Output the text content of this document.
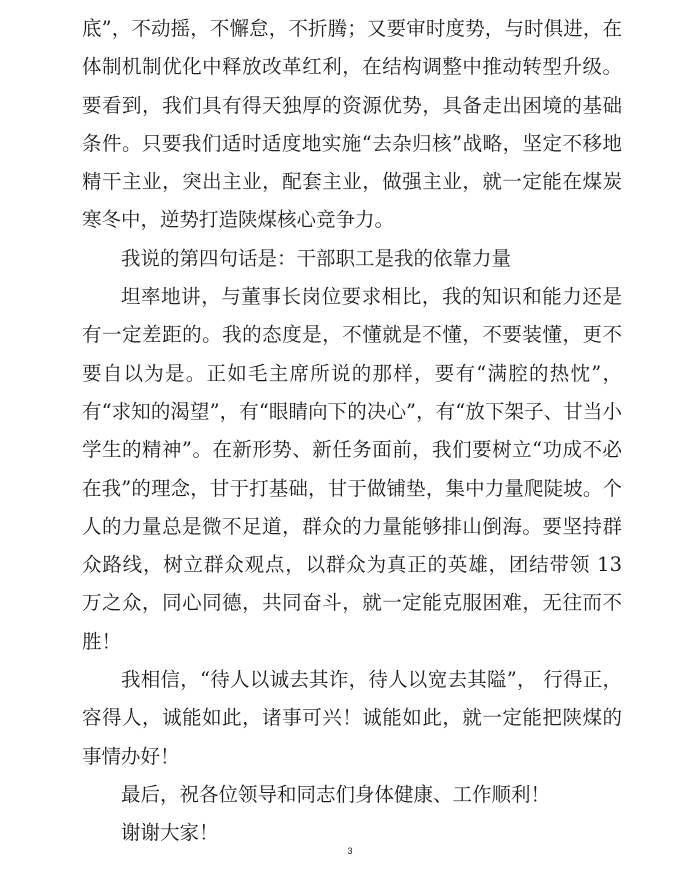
底”，不动摇，不懈怠，不折腾；又要审时度势，与时俱进，在体制机制优化中释放改革红利，在结构调整中推动转型升级。要看到，我们具有得天独厚的资源优势，具备走出困境的基础条件。只要我们适时适度地实施“去杂归核”战略，坚定不移地精干主业，突出主业，配套主业，做强主业，就一定能在煤炭寒冬中，逆势打造陕煤核心竞争力。

我说的第四句话是：干部职工是我的依靠力量

坦率地讲，与董事长岗位要求相比，我的知识和能力还是有一定差距的。我的态度是，不懂就是不懂，不要装懂，更不要自以为是。正如毛主席所说的那样，要有“满腔的热忱”，有“求知的渴望”，有“眼睛向下的决心”，有“放下架子、甘当小学生的精神”。在新形势、新任务面前，我们要树立“功成不必在我”的理念，甘于打基础，甘于做铺垫，集中力量爬陡坡。个人的力量总是微不足道，群众的力量能够排山倒海。要坚持群众路线，树立群众观点，以群众为真正的英雄，团结带领 13 万之众，同心同德，共同奋斗，就一定能克服困难，无往而不胜！

我相信，“待人以诚去其诈，待人以宽去其隘”， 行得正，容得人，诚能如此，诸事可兴！诚能如此，就一定能把陕煤的事情办好！

最后，祝各位领导和同志们身体健康、工作顺利！

谢谢大家！

3
